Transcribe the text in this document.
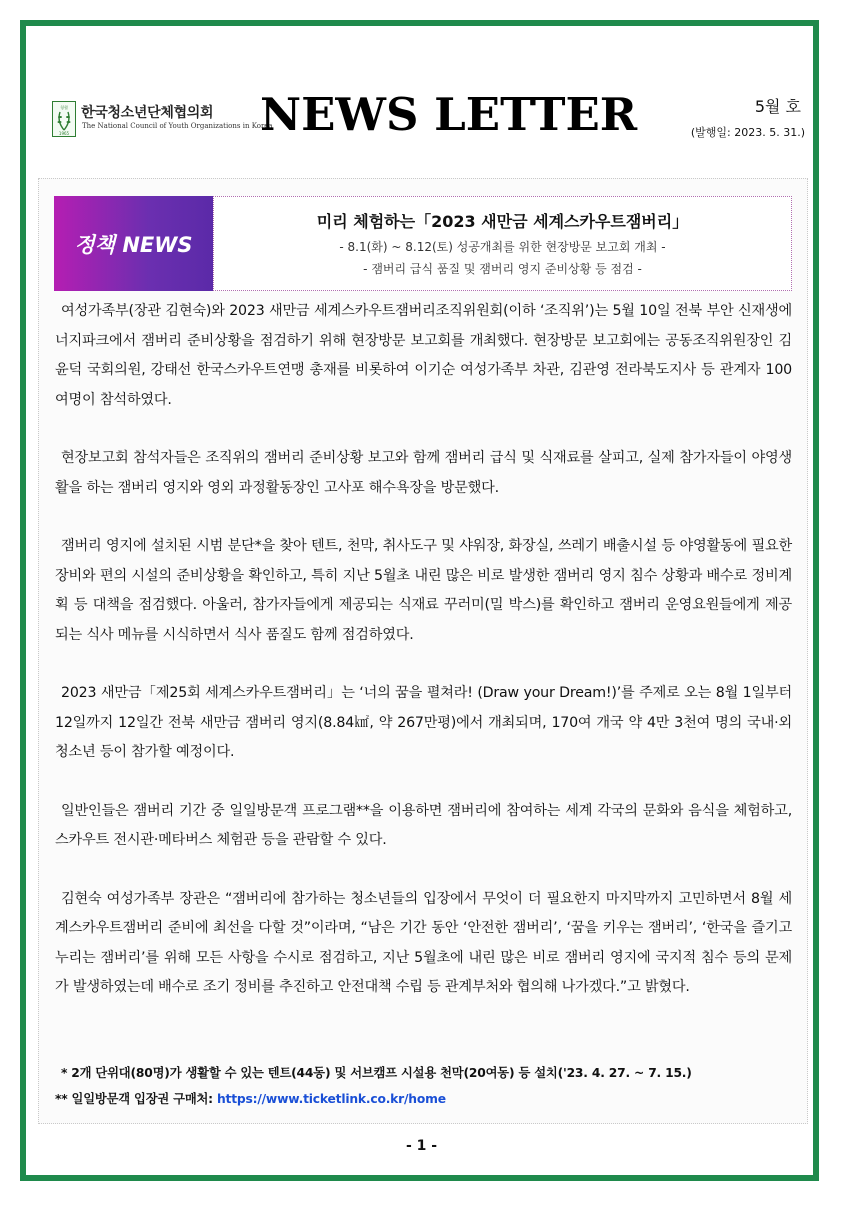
청협
1965
한국청소년단체협의회
The National Council of Youth Organizations in Korea
NEWS LETTER	5월 호
(발행일: 2023. 5. 31.)
정책 NEWS
미리 체험하는「2023 새만금 세계스카우트잼버리」
- 8.1(화) ~ 8.12(토) 성공개최를 위한 현장방문 보고회 개최 -
- 잼버리 급식 품질 및 잼버리 영지 준비상황 등 점검 -

여성가족부(장관 김현숙)와 2023 새만금 세계스카우트잼버리조직위원회(이하 ‘조직위’)는 5월 10일 전북 부안 신재생에너지파크에서 잼버리 준비상황을 점검하기 위해 현장방문 보고회를 개최했다. 현장방문 보고회에는 공동조직위원장인 김윤덕 국회의원, 강태선 한국스카우트연맹 총재를 비롯하여 이기순 여성가족부 차관, 김관영 전라북도지사 등 관계자 100여명이 참석하였다.

현장보고회 참석자들은 조직위의 잼버리 준비상황 보고와 함께 잼버리 급식 및 식재료를 살피고, 실제 참가자들이 야영생활을 하는 잼버리 영지와 영외 과정활동장인 고사포 해수욕장을 방문했다.

잼버리 영지에 설치된 시범 분단*을 찾아 텐트, 천막, 취사도구 및 샤워장, 화장실, 쓰레기 배출시설 등 야영활동에 필요한 장비와 편의 시설의 준비상황을 확인하고, 특히 지난 5월초 내린 많은 비로 발생한 잼버리 영지 침수 상황과 배수로 정비계획 등 대책을 점검했다. 아울러, 참가자들에게 제공되는 식재료 꾸러미(밀 박스)를 확인하고 잼버리 운영요원들에게 제공되는 식사 메뉴를 시식하면서 식사 품질도 함께 점검하였다.

2023 새만금「제25회 세계스카우트잼버리」는 ‘너의 꿈을 펼쳐라! (Draw your Dream!)’를 주제로 오는 8월 1일부터 12일까지 12일간 전북 새만금 잼버리 영지(8.84㎢, 약 267만평)에서 개최되며, 170여 개국 약 4만 3천여 명의 국내·외 청소년 등이 참가할 예정이다.

일반인들은 잼버리 기간 중 일일방문객 프로그램**을 이용하면 잼버리에 참여하는 세계 각국의 문화와 음식을 체험하고, 스카우트 전시관·메타버스 체험관 등을 관람할 수 있다.

김현숙 여성가족부 장관은 “잼버리에 참가하는 청소년들의 입장에서 무엇이 더 필요한지 마지막까지 고민하면서 8월 세계스카우트잼버리 준비에 최선을 다할 것”이라며, “남은 기간 동안 ‘안전한 잼버리’, ‘꿈을 키우는 잼버리’, ‘한국을 즐기고 누리는 잼버리’를 위해 모든 사항을 수시로 점검하고, 지난 5월초에 내린 많은 비로 잼버리 영지에 국지적 침수 등의 문제가 발생하였는데 배수로 조기 정비를 추진하고 안전대책 수립 등 관계부처와 협의해 나가겠다.”고 밝혔다.

* 2개 단위대(80명)가 생활할 수 있는 텐트(44동) 및 서브캠프 시설용 천막(20여동) 등 설치('23. 4. 27. ~ 7. 15.)
** 일일방문객 입장권 구매처: https://www.ticketlink.co.kr/home
- 1 -
